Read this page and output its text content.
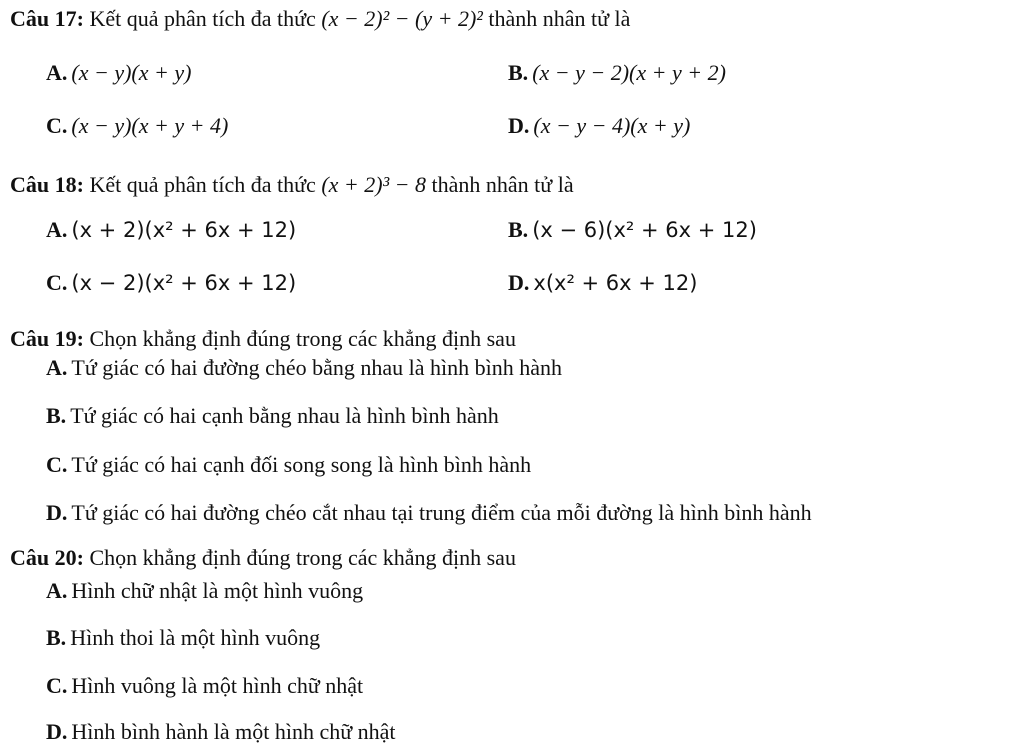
Câu 17: Kết quả phân tích đa thức (x − 2)² − (y + 2)² thành nhân tử là
A. (x − y)(x + y)	B. (x − y − 2)(x + y + 2)
C. (x − y)(x + y + 4)	D. (x − y − 4)(x + y)
Câu 18: Kết quả phân tích đa thức (x + 2)³ − 8 thành nhân tử là
A. (x + 2)(x² + 6x + 12)	B. (x − 6)(x² + 6x + 12)
C. (x − 2)(x² + 6x + 12)	D. x(x² + 6x + 12)
Câu 19: Chọn khẳng định đúng trong các khẳng định sau
A. Tứ giác có hai đường chéo bằng nhau là hình bình hành
B. Tứ giác có hai cạnh bằng nhau là hình bình hành
C. Tứ giác có hai cạnh đối song song là hình bình hành
D. Tứ giác có hai đường chéo cắt nhau tại trung điểm của mỗi đường là hình bình hành
Câu 20: Chọn khẳng định đúng trong các khẳng định sau
A. Hình chữ nhật là một hình vuông
B. Hình thoi là một hình vuông
C. Hình vuông là một hình chữ nhật
D. Hình bình hành là một hình chữ nhật
